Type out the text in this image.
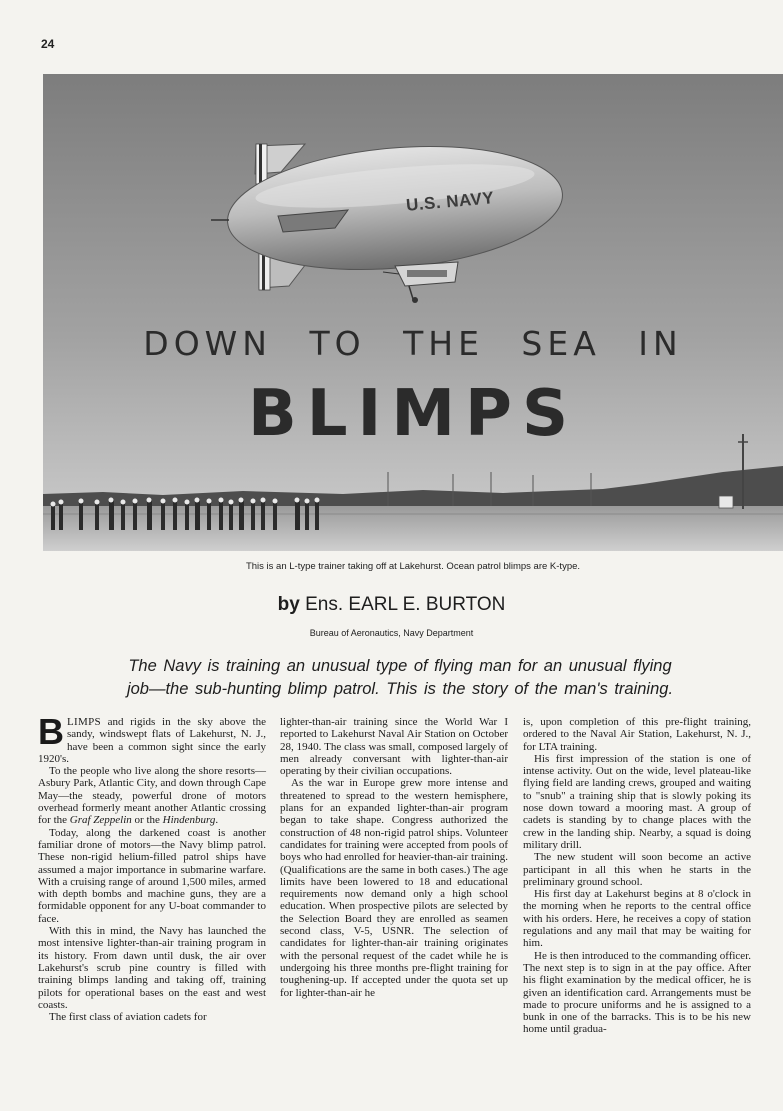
24
U.S. NAVY
DOWN TO THE SEA IN
BLIMPS
This is an L-type trainer taking off at Lakehurst. Ocean patrol blimps are K-type.
by Ens. EARL E. BURTON
Bureau of Aeronautics, Navy Department
The Navy is training an unusual type of flying man for an unusual flying
job—the sub-hunting blimp patrol. This is the story of the man's training.

BLIMPS and rigids in the sky above the sandy, windswept flats of Lakehurst, N. J., have been a common sight since the early 1920's.

To the people who live along the shore resorts—Asbury Park, Atlantic City, and down through Cape May—the steady, powerful drone of motors overhead formerly meant another Atlantic crossing for the Graf Zeppelin or the Hindenburg.

Today, along the darkened coast is another familiar drone of motors—the Navy blimp patrol. These non-rigid helium-filled patrol ships have assumed a major importance in submarine warfare. With a cruising range of around 1,500 miles, armed with depth bombs and machine guns, they are a formidable opponent for any U-boat commander to face.

With this in mind, the Navy has launched the most intensive lighter-than-air training program in its history. From dawn until dusk, the air over Lakehurst's scrub pine country is filled with training blimps landing and taking off, training pilots for operational bases on the east and west coasts.

The first class of aviation cadets for

lighter-than-air training since the World War I reported to Lakehurst Naval Air Station on October 28, 1940. The class was small, composed largely of men already conversant with lighter-than-air operating by their civilian occupations.

As the war in Europe grew more intense and threatened to spread to the western hemisphere, plans for an expanded lighter-than-air program began to take shape. Congress authorized the construction of 48 non-rigid patrol ships. Volunteer candidates for training were accepted from pools of boys who had enrolled for heavier-than-air training. (Qualifications are the same in both cases.) The age limits have been lowered to 18 and educational requirements now demand only a high school education. When prospective pilots are selected by the Selection Board they are enrolled as seamen second class, V-5, USNR. The selection of candidates for lighter-than-air training originates with the personal request of the cadet while he is undergoing his three months pre-flight training for toughening-up. If accepted under the quota set up for lighter-than-air he

is, upon completion of this pre-flight training, ordered to the Naval Air Station, Lakehurst, N. J., for LTA training.

His first impression of the station is one of intense activity. Out on the wide, level plateau-like flying field are landing crews, grouped and waiting to "snub" a training ship that is slowly poking its nose down toward a mooring mast. A group of cadets is standing by to change places with the crew in the landing ship. Nearby, a squad is doing military drill.

The new student will soon become an active participant in all this when he starts in the preliminary ground school.

His first day at Lakehurst begins at 8 o'clock in the morning when he reports to the central office with his orders. Here, he receives a copy of station regulations and any mail that may be waiting for him.

He is then introduced to the commanding officer. The next step is to sign in at the pay office. After his flight examination by the medical officer, he is given an identification card. Arrangements must be made to procure uniforms and he is assigned to a bunk in one of the barracks. This is to be his new home until gradua-
